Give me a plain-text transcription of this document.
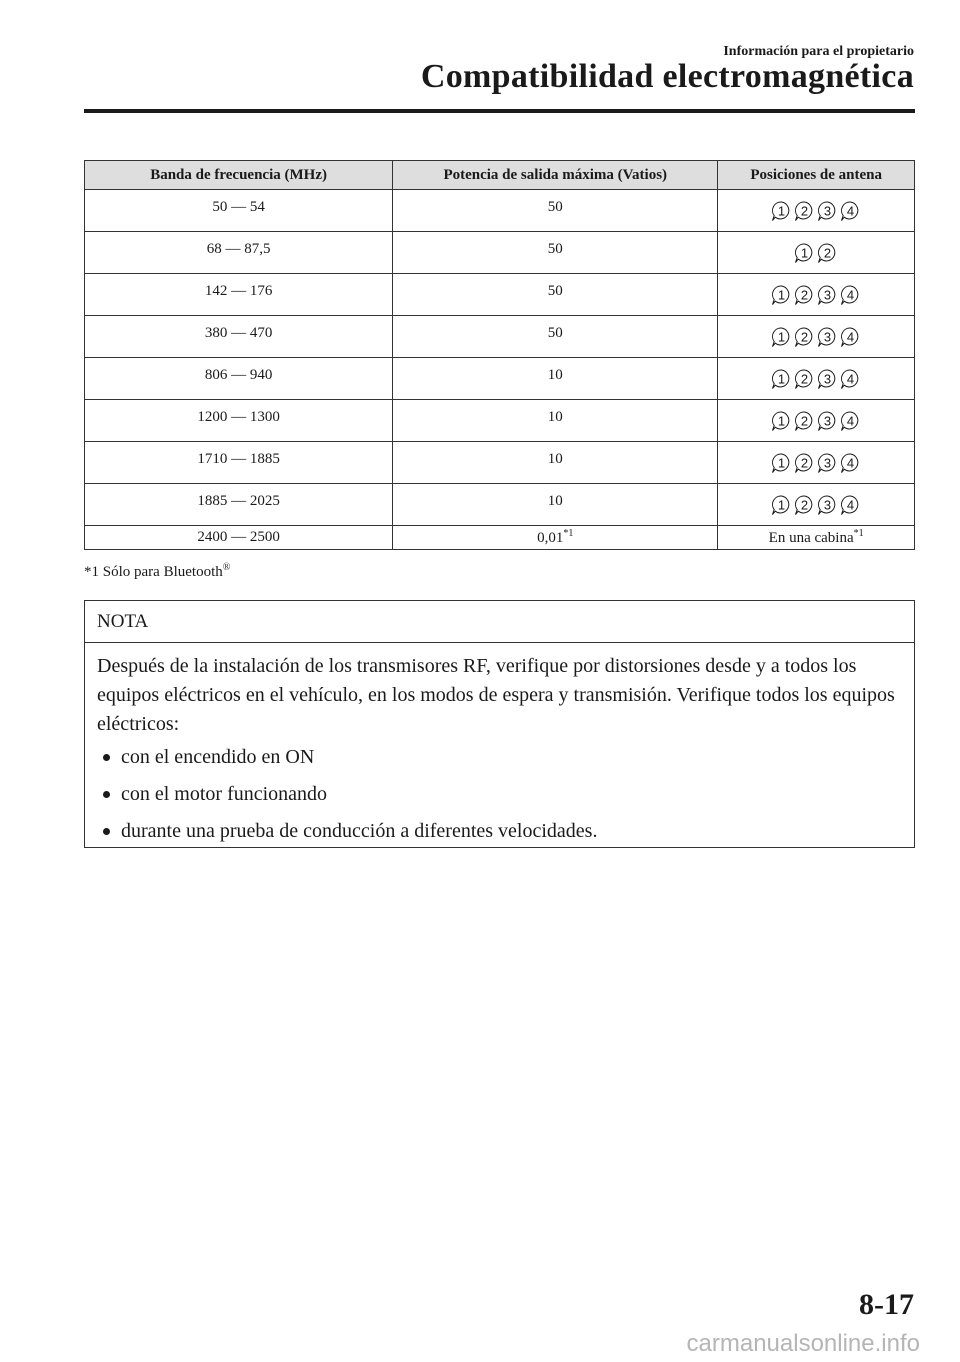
Información para el propietario
Compatibilidad electromagnética
Banda de frecuencia (MHz)	Potencia de salida máxima (Vatios)	Posiciones de antena
50 — 54	50	1 2 3 4

68 — 87,5	50	1 2

142 — 176	50	1 2 3 4

380 — 470	50	1 2 3 4

806 — 940	10	1 2 3 4

1200 — 1300	10	1 2 3 4

1710 — 1885	10	1 2 3 4

1885 — 2025	10	1 2 3 4

2400 — 2500	0,01$^{*1}$	En una cabina$^{*1}$
*1 Sólo para Bluetooth®
NOTA

Después de la instalación de los transmisores RF, verifique por distorsiones desde y a todos los equipos eléctricos en el vehículo, en los modos de espera y transmisión. Verifique todos los equipos eléctricos:

con el encendido en ON
con el motor funcionando
durante una prueba de conducción a diferentes velocidades.
8-17
carmanualsonline.info
